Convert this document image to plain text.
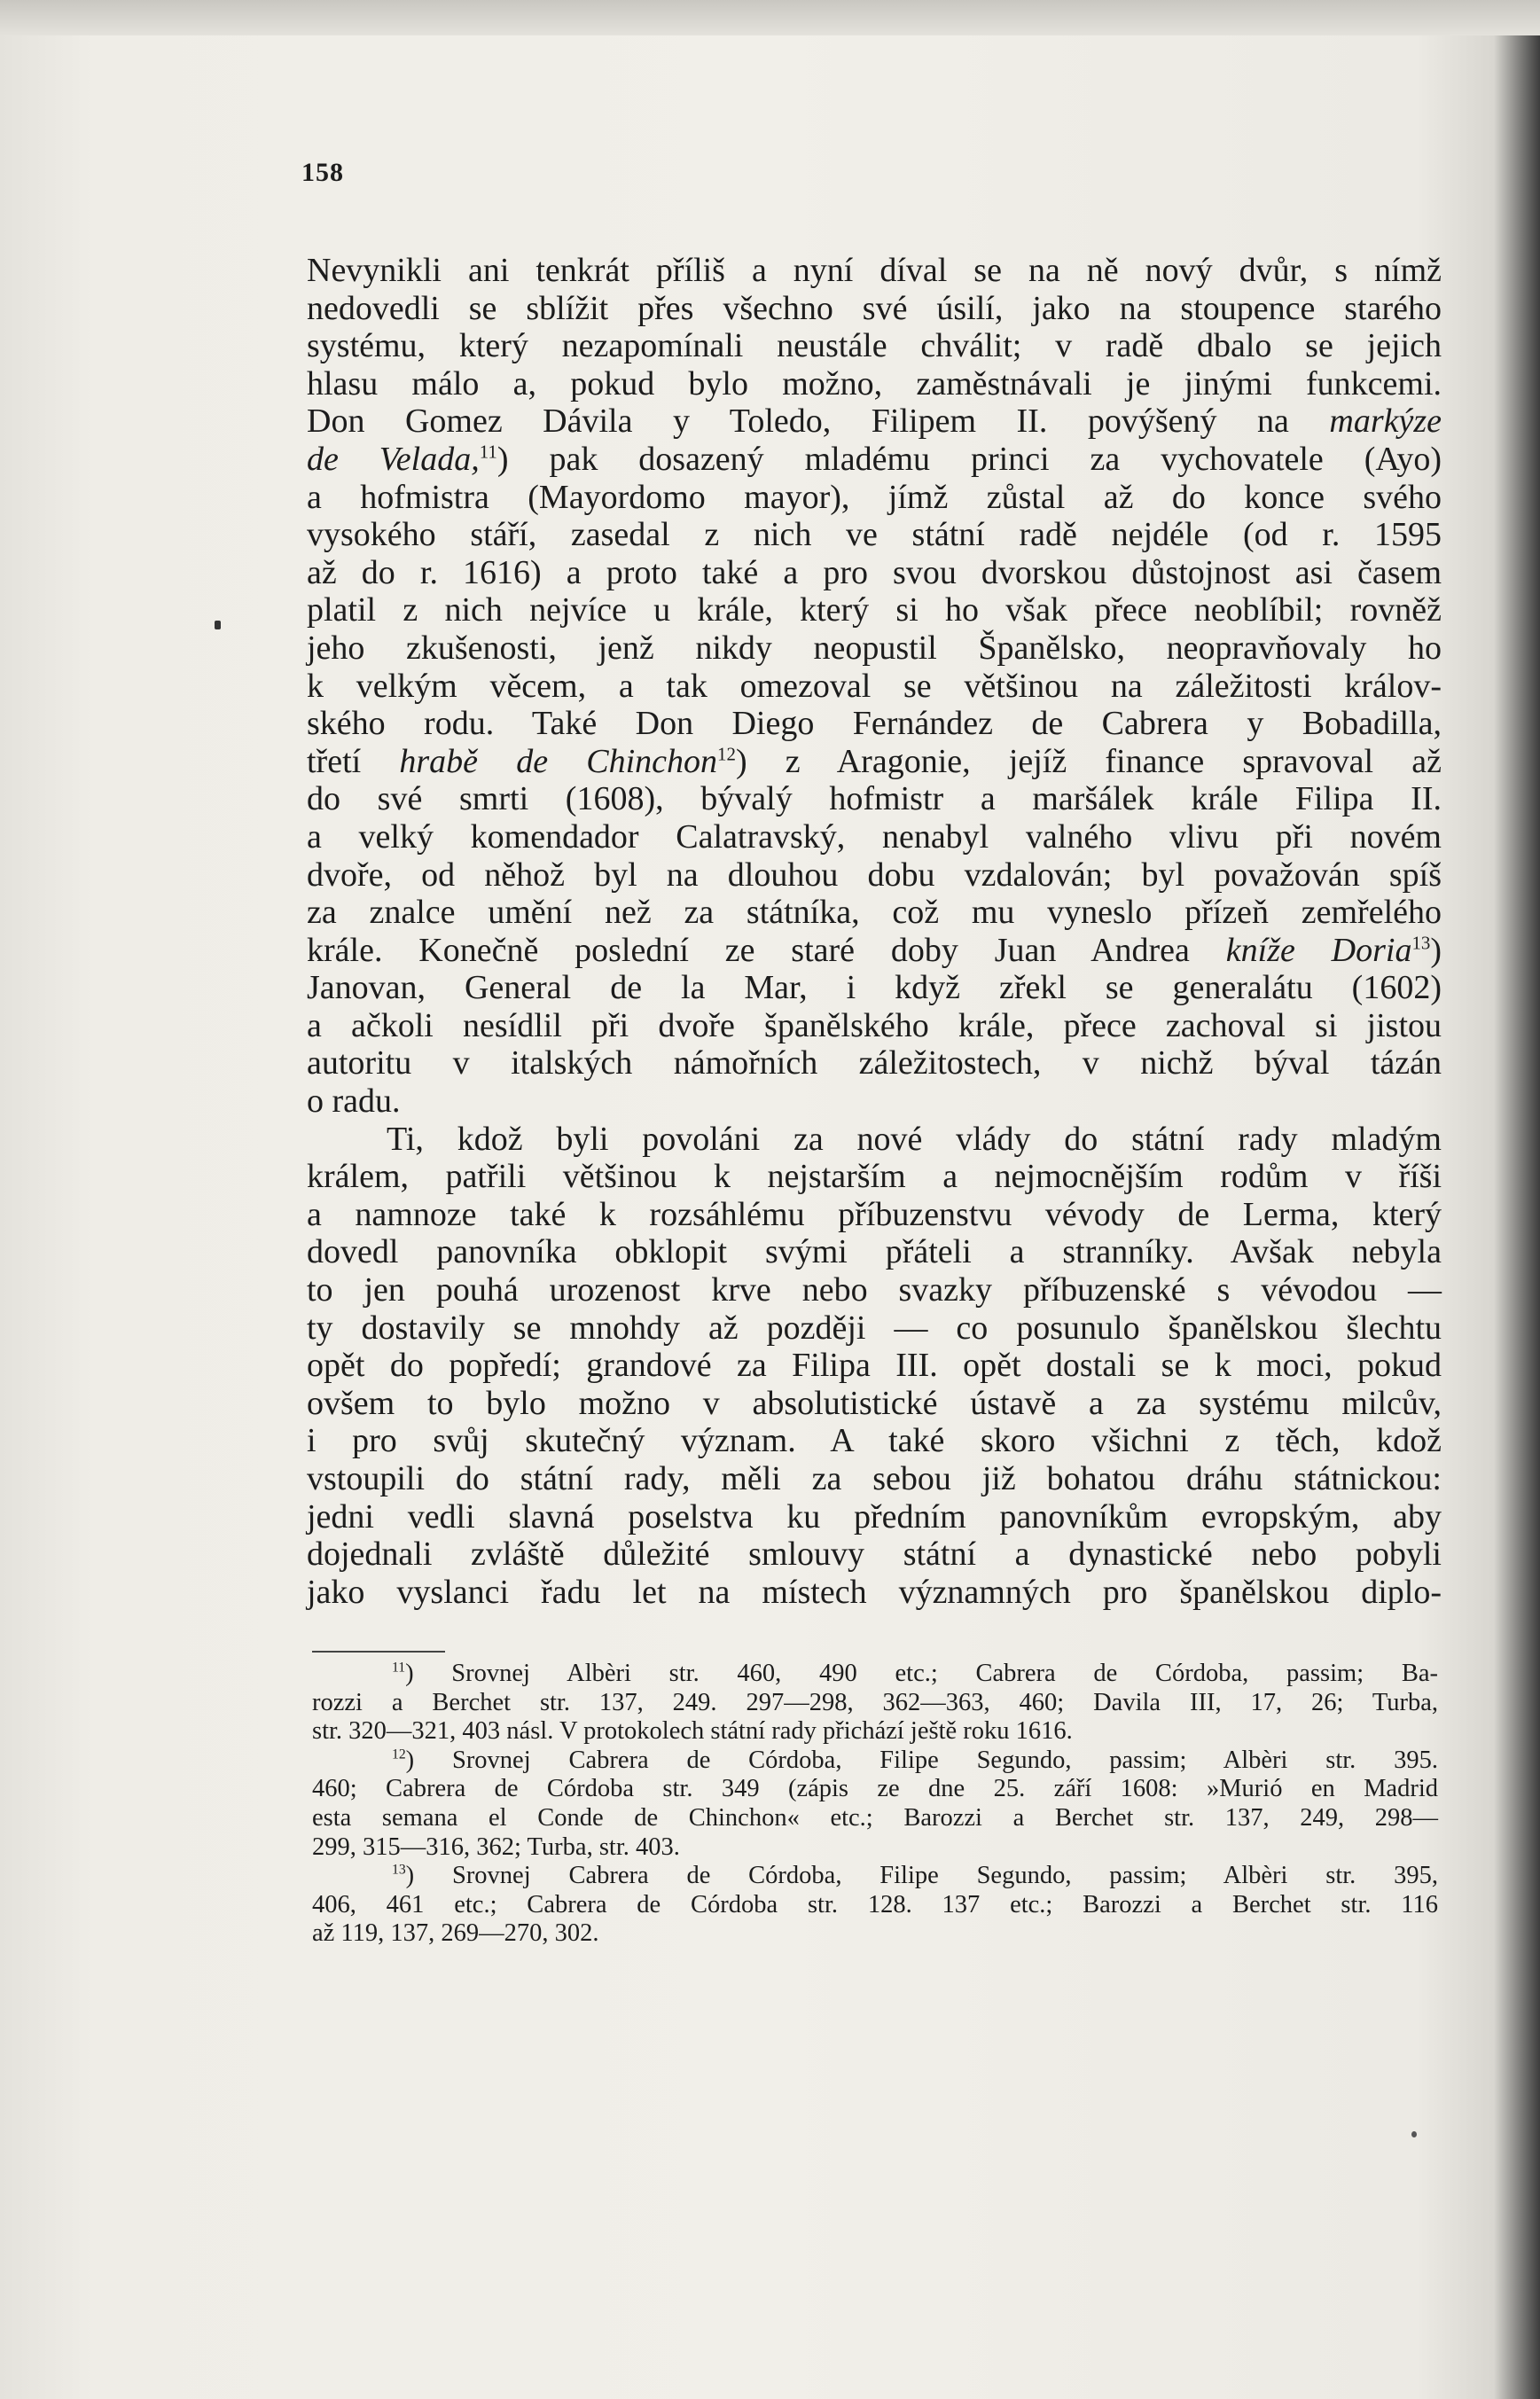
158
Nevynikli ani tenkrát příliš a nyní díval se na ně nový dvůr, s nímž
nedovedli se sblížit přes všechno své úsilí, jako na stoupence starého
systému, který nezapomínali neustále chválit; v radě dbalo se jejich
hlasu málo a, pokud bylo možno, zaměstnávali je jinými funkcemi.
Don Gomez Dávila y Toledo, Filipem II. povýšený na markýze
de Velada,$^{11}$) pak dosazený mladému princi za vychovatele (Ayo)
a hofmistra (Mayordomo mayor), jímž zůstal až do konce svého
vysokého stáří, zasedal z nich ve státní radě nejdéle (od r. 1595
až do r. 1616) a proto také a pro svou dvorskou důstojnost asi časem
platil z nich nejvíce u krále, který si ho však přece neoblíbil; rovněž
jeho zkušenosti, jenž nikdy neopustil Španělsko, neopravňovaly ho
k velkým věcem, a tak omezoval se většinou na záležitosti králov-
ského rodu. Také Don Diego Fernández de Cabrera y Bobadilla,
třetí hrabě de Chinchon$^{12}$) z Aragonie, jejíž finance spravoval až
do své smrti (1608), bývalý hofmistr a maršálek krále Filipa II.
a velký komendador Calatravský, nenabyl valného vlivu při novém
dvoře, od něhož byl na dlouhou dobu vzdalován; byl považován spíš
za znalce umění než za státníka, což mu vyneslo přízeň zemřelého
krále. Konečně poslední ze staré doby Juan Andrea kníže Doria$^{13}$)
Janovan, General de la Mar, i když zřekl se generalátu (1602)
a ačkoli nesídlil při dvoře španělského krále, přece zachoval si jistou
autoritu v italských námořních záležitostech, v nichž býval tázán
o radu.
Ti, kdož byli povoláni za nové vlády do státní rady mladým
králem, patřili většinou k nejstarším a nejmocnějším rodům v říši
a namnoze také k rozsáhlému příbuzenstvu vévody de Lerma, který
dovedl panovníka obklopit svými přáteli a stranníky. Avšak nebyla
to jen pouhá urozenost krve nebo svazky příbuzenské s vévodou —
ty dostavily se mnohdy až později — co posunulo španělskou šlechtu
opět do popředí; grandové za Filipa III. opět dostali se k moci, pokud
ovšem to bylo možno v absolutistické ústavě a za systému milcův,
i pro svůj skutečný význam. A také skoro všichni z těch, kdož
vstoupili do státní rady, měli za sebou již bohatou dráhu státnickou:
jedni vedli slavná poselstva ku předním panovníkům evropským, aby
dojednali zvláště důležité smlouvy státní a dynastické nebo pobyli
jako vyslanci řadu let na místech významných pro španělskou diplo-
$^{11}$) Srovnej Albèri str. 460, 490 etc.; Cabrera de Córdoba, passim; Ba-
rozzi a Berchet str. 137, 249. 297—298, 362—363, 460; Davila III, 17, 26; Turba,
str. 320—321, 403 násl. V protokolech státní rady přichází ještě roku 1616.
$^{12}$) Srovnej Cabrera de Córdoba, Filipe Segundo, passim; Albèri str. 395.
460; Cabrera de Córdoba str. 349 (zápis ze dne 25. září 1608: »Murió en Madrid
esta semana el Conde de Chinchon« etc.; Barozzi a Berchet str. 137, 249, 298—
299, 315—316, 362; Turba, str. 403.
$^{13}$) Srovnej Cabrera de Córdoba, Filipe Segundo, passim; Albèri str. 395,
406, 461 etc.; Cabrera de Córdoba str. 128. 137 etc.; Barozzi a Berchet str. 116
až 119, 137, 269—270, 302.
